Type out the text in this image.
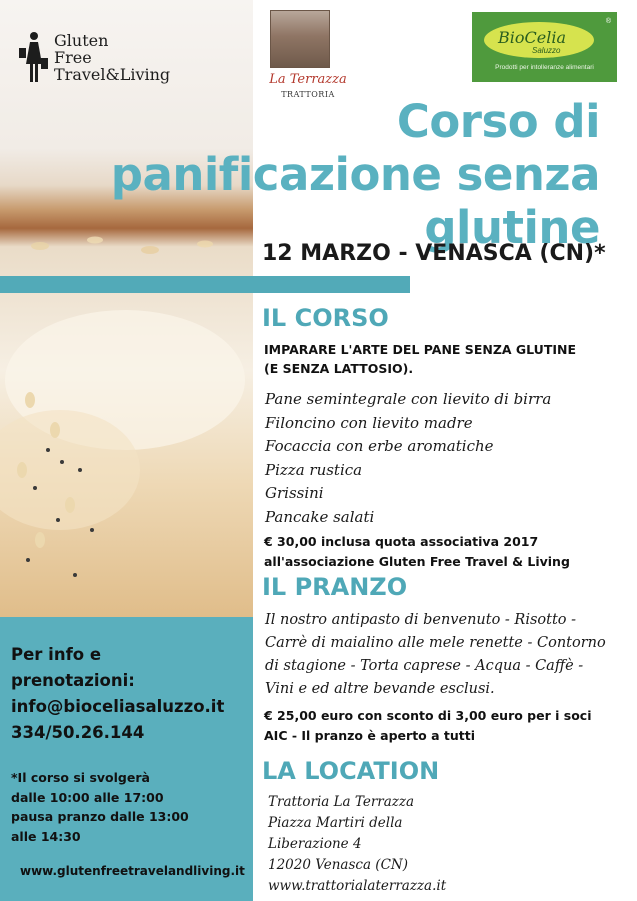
Gluten
Free
Travel&Living	La Terrazza
TRATTORIA
BioCelia
Saluzzo
®
Prodotti per intolleranze alimentari
Corso di
panificazione senza
glutine
12 MARZO - VENASCA (CN)*
IL CORSO
IMPARARE L'ARTE DEL PANE SENZA GLUTINE
(E SENZA LATTOSIO).
Pane semintegrale con lievito di birra
Filoncino con lievito madre
Focaccia con erbe aromatiche
Pizza rustica
Grissini
Pancake salati
€ 30,00 inclusa quota associativa 2017
all'associazione Gluten Free Travel & Living
IL PRANZO
Il nostro antipasto di benvenuto - Risotto -
Carrè di maialino alle mele renette - Contorno
di stagione - Torta caprese - Acqua - Caffè -
Vini e ed altre bevande esclusi.
€ 25,00 euro con sconto di 3,00 euro per i soci
AIC - Il pranzo è aperto a tutti
LA LOCATION
Trattoria La Terrazza
Piazza Martiri della
Liberazione 4
12020 Venasca (CN)
www.trattorialaterrazza.it
Per info e
prenotazioni:
info@bioceliasaluzzo.it
334/50.26.144
*Il corso si svolgerà
dalle 10:00 alle 17:00
pausa pranzo dalle 13:00
alle 14:30
www.glutenfreetravelandliving.it
